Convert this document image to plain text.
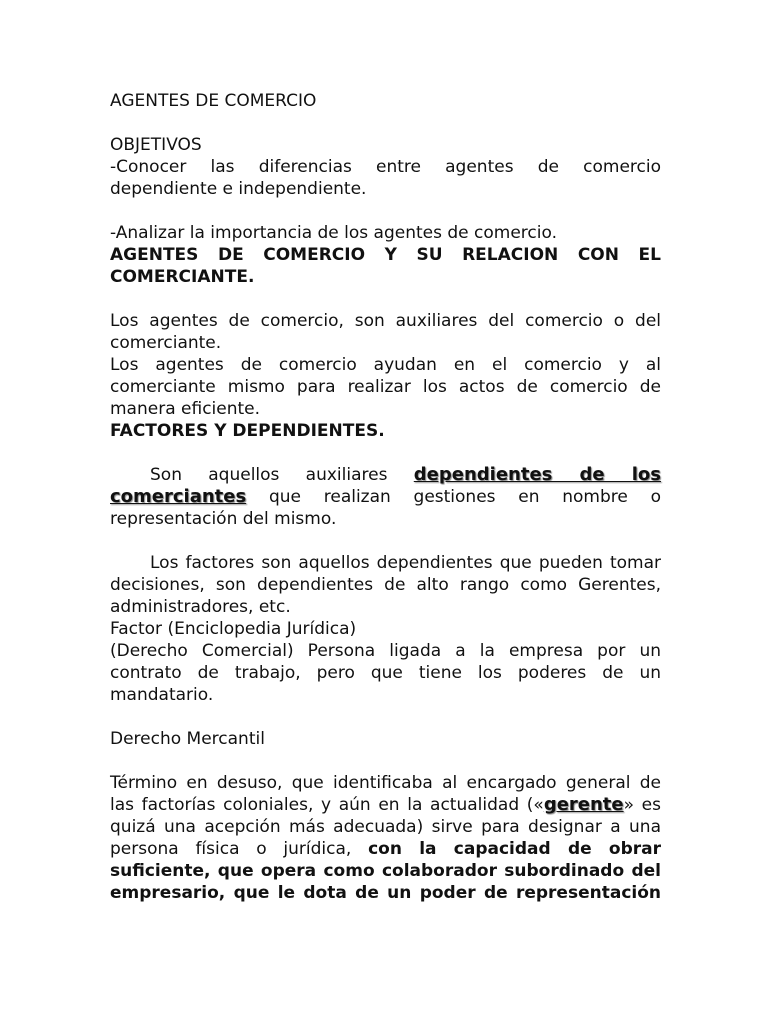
AGENTES DE COMERCIO

OBJETIVOS

-Conocer las diferencias entre agentes de comercio

dependiente e independiente.

-Analizar la importancia de los agentes de comercio.

AGENTES DE COMERCIO Y SU RELACION CON EL

COMERCIANTE.

Los agentes de comercio, son auxiliares del comercio o del

comerciante.

Los agentes de comercio ayudan en el comercio y al

comerciante mismo para realizar los actos de comercio de

manera eficiente.

FACTORES Y DEPENDIENTES.

Son aquellos auxiliares dependientes de los

comerciantes que realizan gestiones en nombre o

representación del mismo.

Los factores son aquellos dependientes que pueden tomar

decisiones, son dependientes de alto rango como Gerentes,

administradores, etc.

Factor (Enciclopedia Jurídica)

(Derecho Comercial) Persona ligada a la empresa por un

contrato de trabajo, pero que tiene los poderes de un

mandatario.

Derecho Mercantil

Término en desuso, que identificaba al encargado general de

las factorías coloniales, y aún en la actualidad («gerente» es

quizá una acepción más adecuada) sirve para designar a una

persona física o jurídica, con la capacidad de obrar

suficiente, que opera como colaborador subordinado del

empresario, que le dota de un poder de representación
